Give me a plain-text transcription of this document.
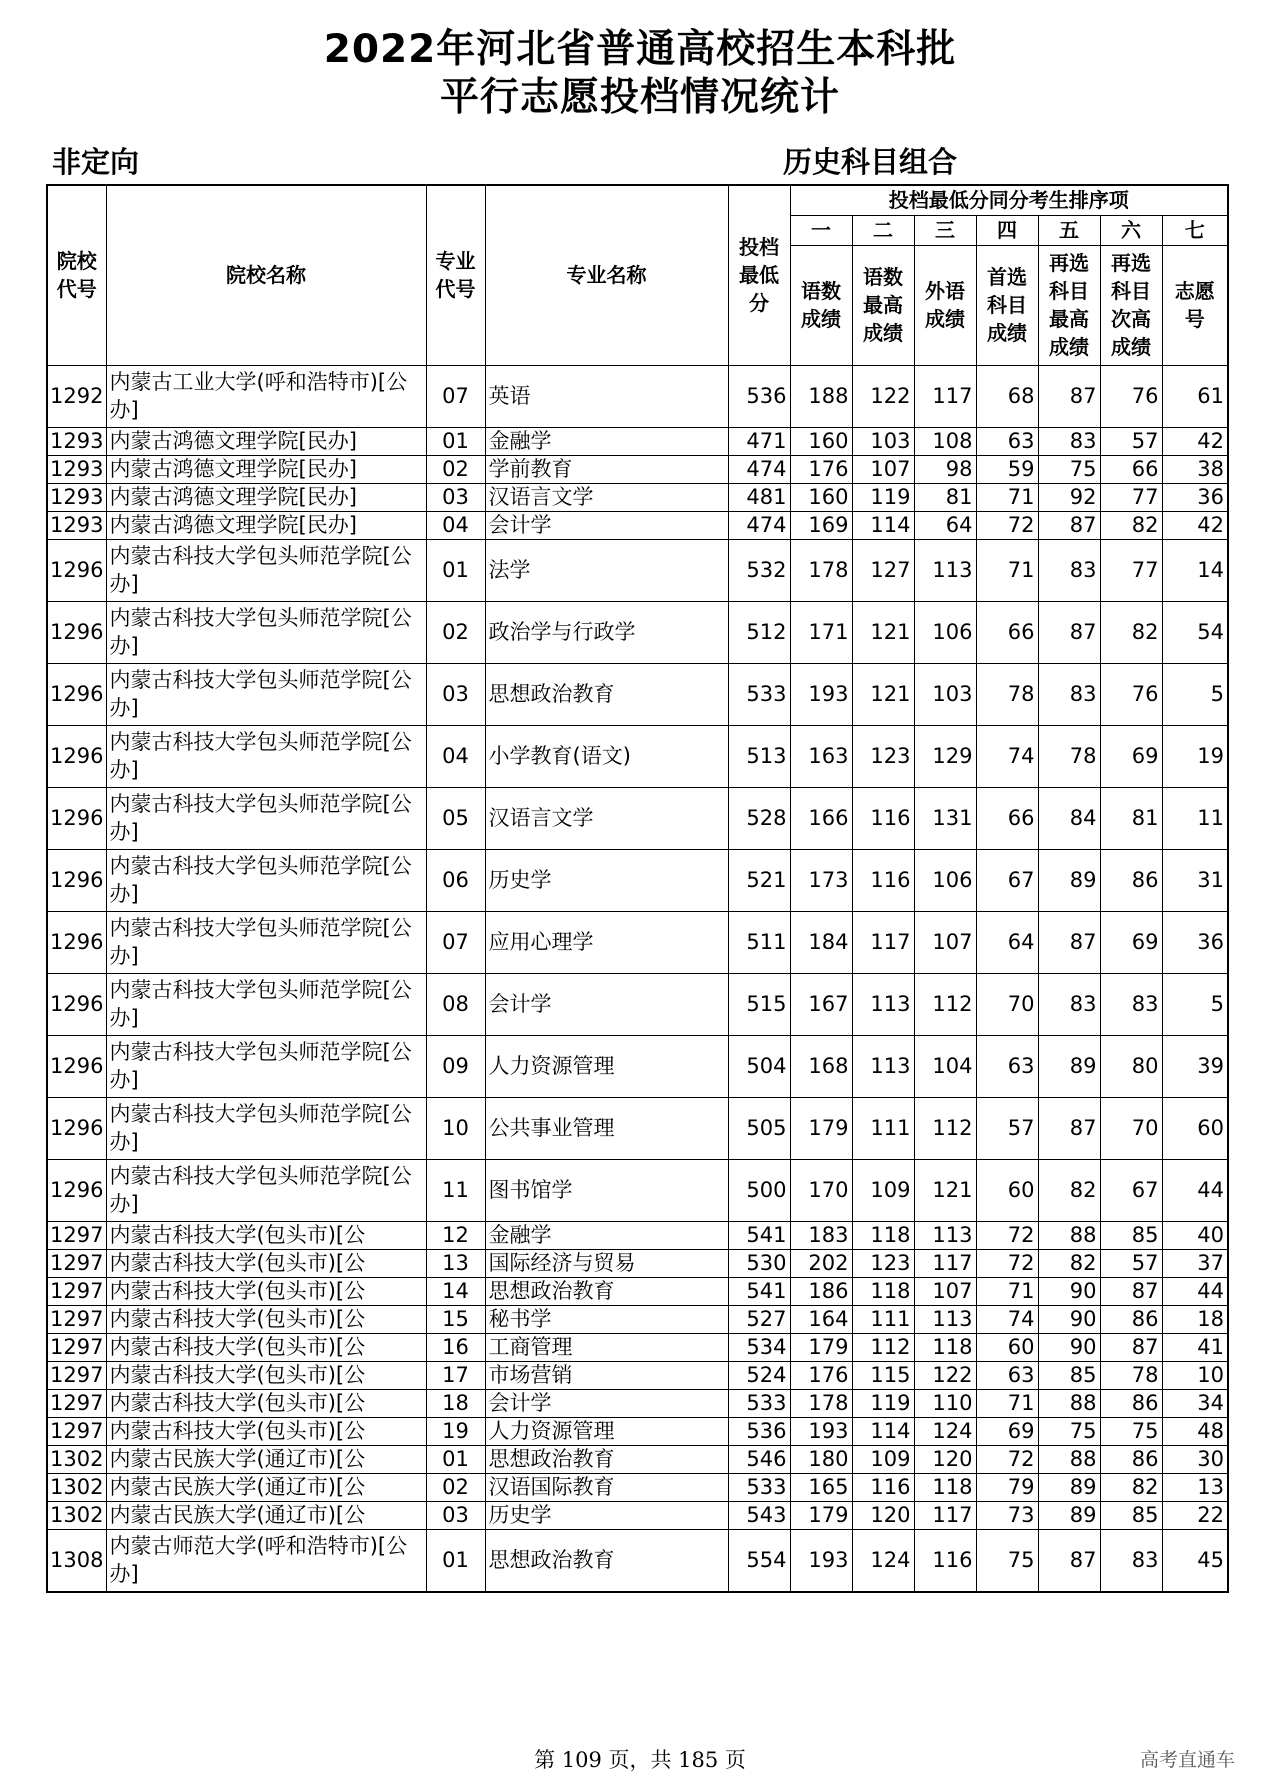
2022年河北省普通高校招生本科批
平行志愿投档情况统计
非定向	历史科目组合
院校代号	院校名称	专业代号	专业名称	投档最低分	投档最低分同分考生排序项						
					一	二	三	四	五	六	七
					语数成绩	语数最高成绩	外语成绩	首选科目成绩	再选科目最高成绩	再选科目次高成绩	志愿号
1292	内蒙古工业大学(呼和浩特市)[公办]	07	英语	536	188	122	117	68	87	76	61
1293	内蒙古鸿德文理学院[民办]	01	金融学	471	160	103	108	63	83	57	42
1293	内蒙古鸿德文理学院[民办]	02	学前教育	474	176	107	98	59	75	66	38
1293	内蒙古鸿德文理学院[民办]	03	汉语言文学	481	160	119	81	71	92	77	36
1293	内蒙古鸿德文理学院[民办]	04	会计学	474	169	114	64	72	87	82	42
1296	内蒙古科技大学包头师范学院[公办]	01	法学	532	178	127	113	71	83	77	14
1296	内蒙古科技大学包头师范学院[公办]	02	政治学与行政学	512	171	121	106	66	87	82	54
1296	内蒙古科技大学包头师范学院[公办]	03	思想政治教育	533	193	121	103	78	83	76	5
1296	内蒙古科技大学包头师范学院[公办]	04	小学教育(语文)	513	163	123	129	74	78	69	19
1296	内蒙古科技大学包头师范学院[公办]	05	汉语言文学	528	166	116	131	66	84	81	11
1296	内蒙古科技大学包头师范学院[公办]	06	历史学	521	173	116	106	67	89	86	31
1296	内蒙古科技大学包头师范学院[公办]	07	应用心理学	511	184	117	107	64	87	69	36
1296	内蒙古科技大学包头师范学院[公办]	08	会计学	515	167	113	112	70	83	83	5
1296	内蒙古科技大学包头师范学院[公办]	09	人力资源管理	504	168	113	104	63	89	80	39
1296	内蒙古科技大学包头师范学院[公办]	10	公共事业管理	505	179	111	112	57	87	70	60
1296	内蒙古科技大学包头师范学院[公办]	11	图书馆学	500	170	109	121	60	82	67	44
1297	内蒙古科技大学(包头市)[公	12	金融学	541	183	118	113	72	88	85	40
1297	内蒙古科技大学(包头市)[公	13	国际经济与贸易	530	202	123	117	72	82	57	37
1297	内蒙古科技大学(包头市)[公	14	思想政治教育	541	186	118	107	71	90	87	44
1297	内蒙古科技大学(包头市)[公	15	秘书学	527	164	111	113	74	90	86	18
1297	内蒙古科技大学(包头市)[公	16	工商管理	534	179	112	118	60	90	87	41
1297	内蒙古科技大学(包头市)[公	17	市场营销	524	176	115	122	63	85	78	10
1297	内蒙古科技大学(包头市)[公	18	会计学	533	178	119	110	71	88	86	34
1297	内蒙古科技大学(包头市)[公	19	人力资源管理	536	193	114	124	69	75	75	48
1302	内蒙古民族大学(通辽市)[公	01	思想政治教育	546	180	109	120	72	88	86	30
1302	内蒙古民族大学(通辽市)[公	02	汉语国际教育	533	165	116	118	79	89	82	13
1302	内蒙古民族大学(通辽市)[公	03	历史学	543	179	120	117	73	89	85	22
1308	内蒙古师范大学(呼和浩特市)[公办]	01	思想政治教育	554	193	124	116	75	87	83	45
第 109 页，共 185 页	高考直通车
